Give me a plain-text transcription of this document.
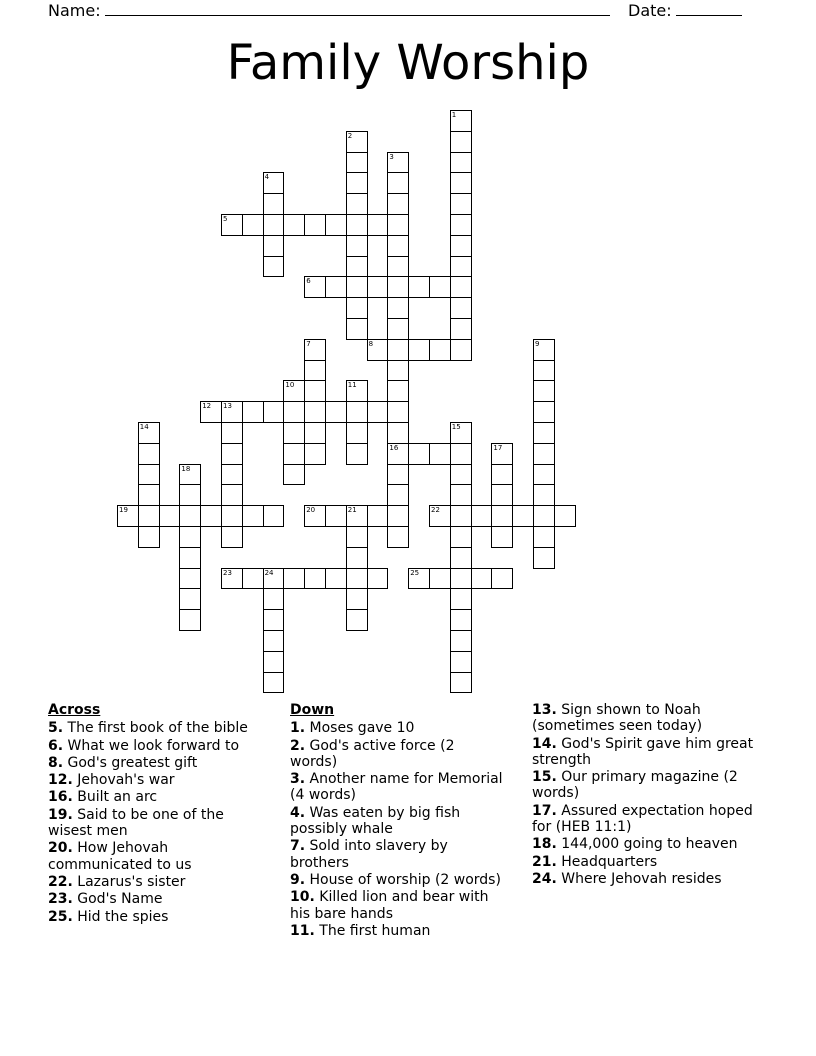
Name:	Date:
Family Worship
1
2
3
16
4
5
6
7	8	9
10	11
12 13
14	15
17
18
19	20	21	22
23	24	25
Across
5. The first book of the bible
6. What we look forward to
8. God's greatest gift
12. Jehovah's war
16. Built an arc
19. Said to be one of the wisest men
20. How Jehovah communicated to us
22. Lazarus's sister
23. God's Name
25. Hid the spies
Down
1. Moses gave 10
2. God's active force (2 words)
3. Another name for Memorial (4 words)
4. Was eaten by big fish possibly whale
7. Sold into slavery by brothers
9. House of worship (2 words)
10. Killed lion and bear with his bare hands
11. The first human
13. Sign shown to Noah (sometimes seen today)
14. God's Spirit gave him great strength
15. Our primary magazine (2 words)
17. Assured expectation hoped for (HEB 11:1)
18. 144,000 going to heaven
21. Headquarters
24. Where Jehovah resides
